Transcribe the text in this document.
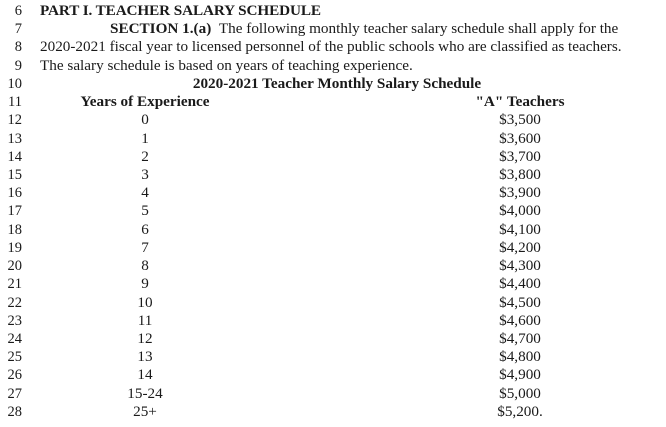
6 PART I. TEACHER SALARY SCHEDULE
7	SECTION 1.(a) The following monthly teacher salary schedule shall apply for the
8 2020-2021 fiscal year to licensed personnel of the public schools who are classified as teachers.
9 The salary schedule is based on years of teaching experience.
10	2020-2021 Teacher Monthly Salary Schedule
11	Years of Experience	"A" Teachers
12	0	$3,500
13	1	$3,600
14	2	$3,700
15	3	$3,800
16	4	$3,900
17	5	$4,000
18	6	$4,100
19	7	$4,200
20	8	$4,300
21	9	$4,400
22	10	$4,500
23	11	$4,600
24	12	$4,700
25	13	$4,800
26	14	$4,900
27	15-24	$5,000
28	25+	$5,200.
